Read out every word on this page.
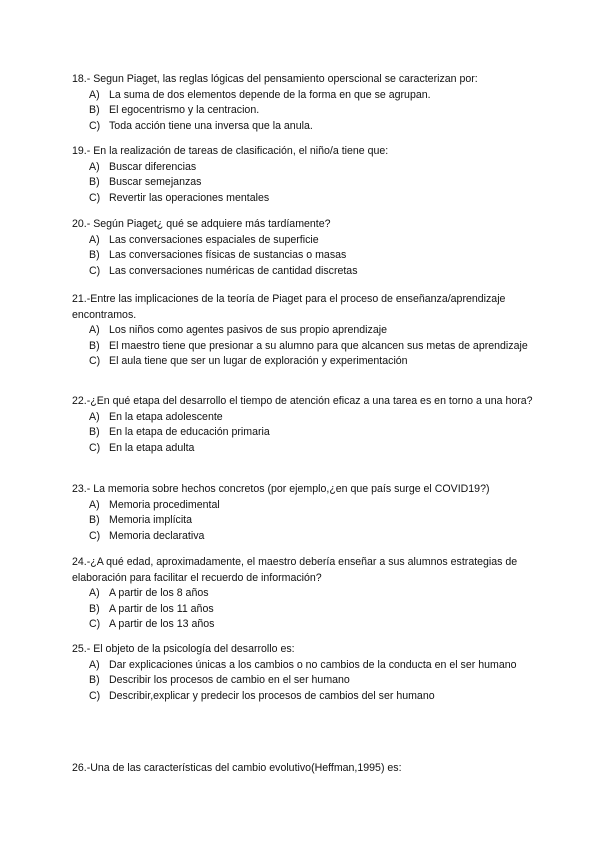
18.- Segun Piaget, las reglas lógicas del pensamiento operscional se caracterizan por:

A) La suma de dos elementos depende de la forma en que se agrupan.
B) El egocentrismo y la centracion.
C) Toda acción tiene una inversa que la anula.

19.- En la realización de tareas de clasificación, el niño/a tiene que:

A) Buscar diferencias
B) Buscar semejanzas
C) Revertir las operaciones mentales

20.- Según Piaget¿ qué se adquiere más tardíamente?

A) Las conversaciones espaciales de superficie
B) Las conversaciones físicas de sustancias o masas
C) Las conversaciones numéricas de cantidad discretas

21.-Entre las implicaciones de la teoría de Piaget para el proceso de enseñanza/aprendizaje encontramos.

A) Los niños como agentes pasivos de sus propio aprendizaje
B) El maestro tiene que presionar a su alumno para que alcancen sus metas de aprendizaje
C) El aula tiene que ser un lugar de exploración y experimentación

22.-¿En qué etapa del desarrollo el tiempo de atención eficaz a una tarea es en torno a una hora?

A) En la etapa adolescente
B) En la etapa de educación primaria
C) En la etapa adulta

23.- La memoria sobre hechos concretos (por ejemplo,¿en que país surge el COVID19?)

A) Memoria procedimental
B) Memoria implícita
C) Memoria declarativa

24.-¿A qué edad, aproximadamente, el maestro debería enseñar a sus alumnos estrategias de elaboración para facilitar el recuerdo de información?

A) A partir de los 8 años
B) A partir de los 11 años
C) A partir de los 13 años

25.- El objeto de la psicología del desarrollo es:

A) Dar explicaciones únicas a los cambios o no cambios de la conducta en el ser humano
B) Describir los procesos de cambio en el ser humano
C) Describir,explicar y predecir los procesos de cambios del ser humano

26.-Una de las características del cambio evolutivo(Heffman,1995) es:
